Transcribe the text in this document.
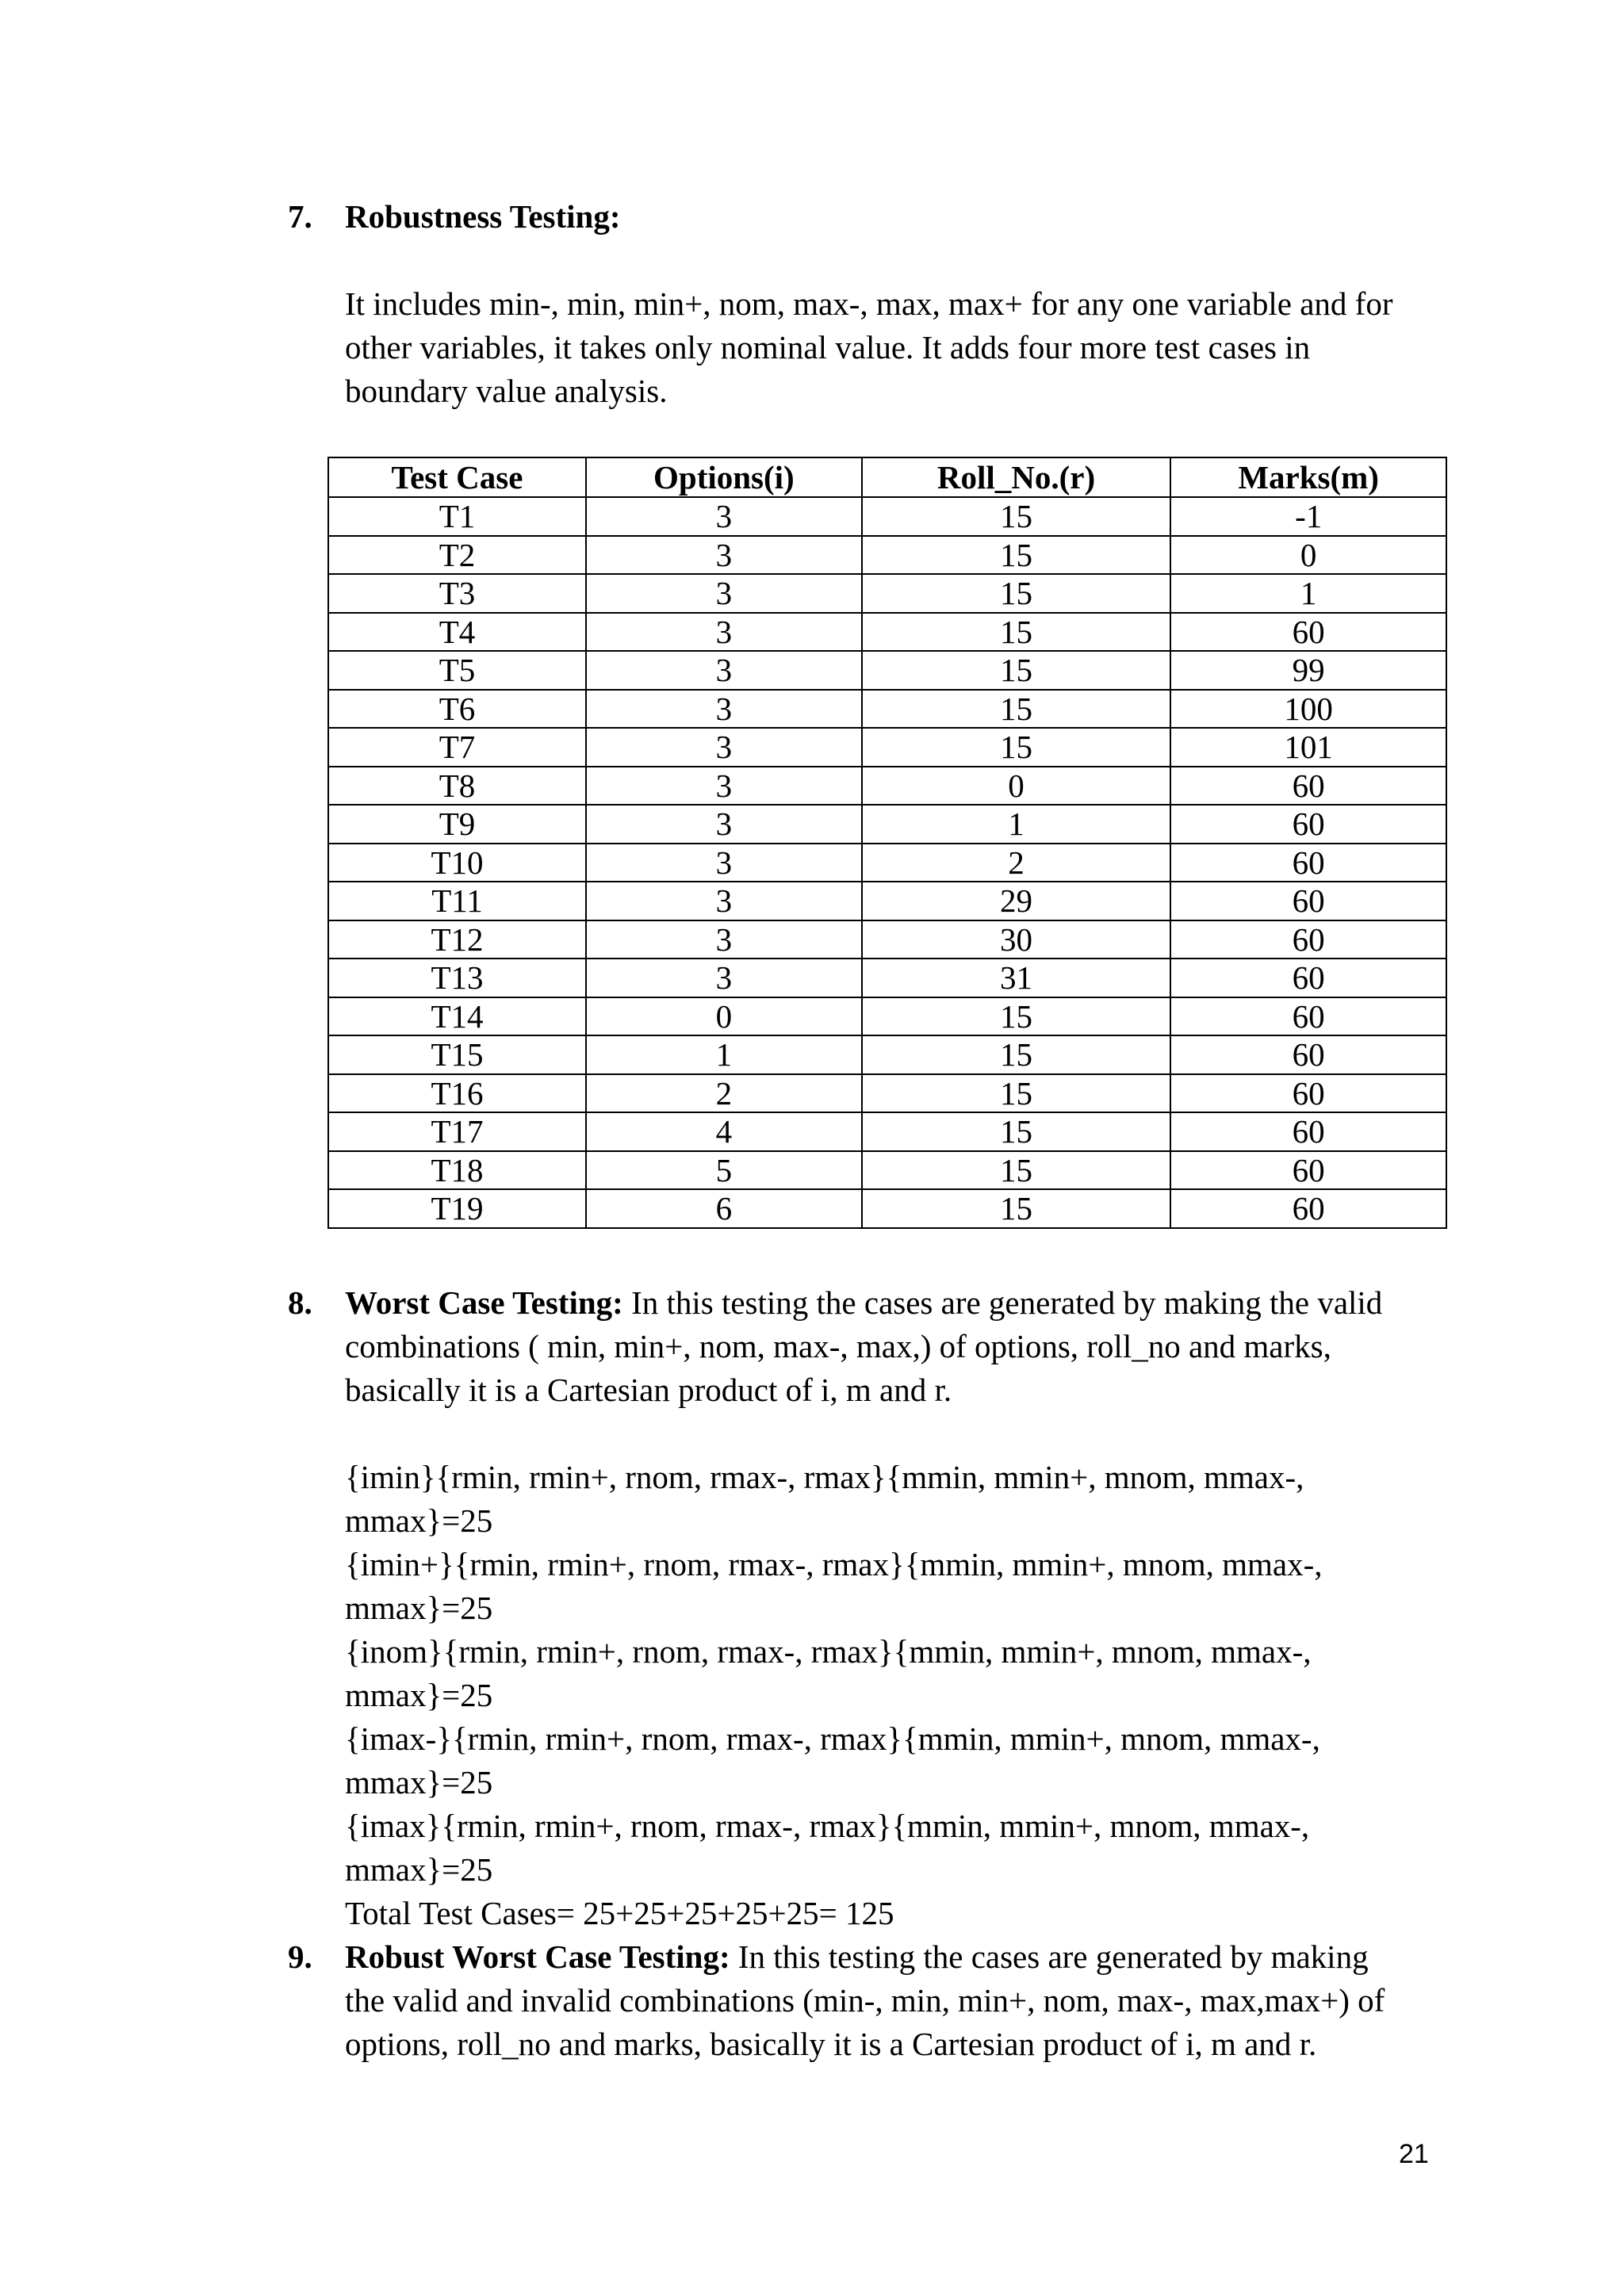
7. Robustness Testing:

It includes min-, min, min+, nom, max-, max, max+ for any one variable and for

other variables, it takes only nominal value. It adds four more test cases in

boundary value analysis.

Test Case	Options(i)	Roll_No.(r)	Marks(m)
T1	3	15	-1
T2	3	15	0
T3	3	15	1
T4	3	15	60
T5	3	15	99
T6	3	15	100
T7	3	15	101
T8	3	0	60
T9	3	1	60
T10	3	2	60
T11	3	29	60
T12	3	30	60
T13	3	31	60
T14	0	15	60
T15	1	15	60
T16	2	15	60
T17	4	15	60
T18	5	15	60
T19	6	15	60
8. Worst Case Testing: In this testing the cases are generated by making the valid

combinations ( min, min+, nom, max-, max,) of options, roll_no and marks,

basically it is a Cartesian product of i, m and r.

{imin}{rmin, rmin+, rnom, rmax-, rmax}{mmin, mmin+, mnom, mmax-,

mmax}=25

{imin+}{rmin, rmin+, rnom, rmax-, rmax}{mmin, mmin+, mnom, mmax-,

mmax}=25

{inom}{rmin, rmin+, rnom, rmax-, rmax}{mmin, mmin+, mnom, mmax-,

mmax}=25

{imax-}{rmin, rmin+, rnom, rmax-, rmax}{mmin, mmin+, mnom, mmax-,

mmax}=25

{imax}{rmin, rmin+, rnom, rmax-, rmax}{mmin, mmin+, mnom, mmax-,

mmax}=25

Total Test Cases= 25+25+25+25+25= 125

9. Robust Worst Case Testing: In this testing the cases are generated by making

the valid and invalid combinations (min-, min, min+, nom, max-, max,max+) of

options, roll_no and marks, basically it is a Cartesian product of i, m and r.

21
